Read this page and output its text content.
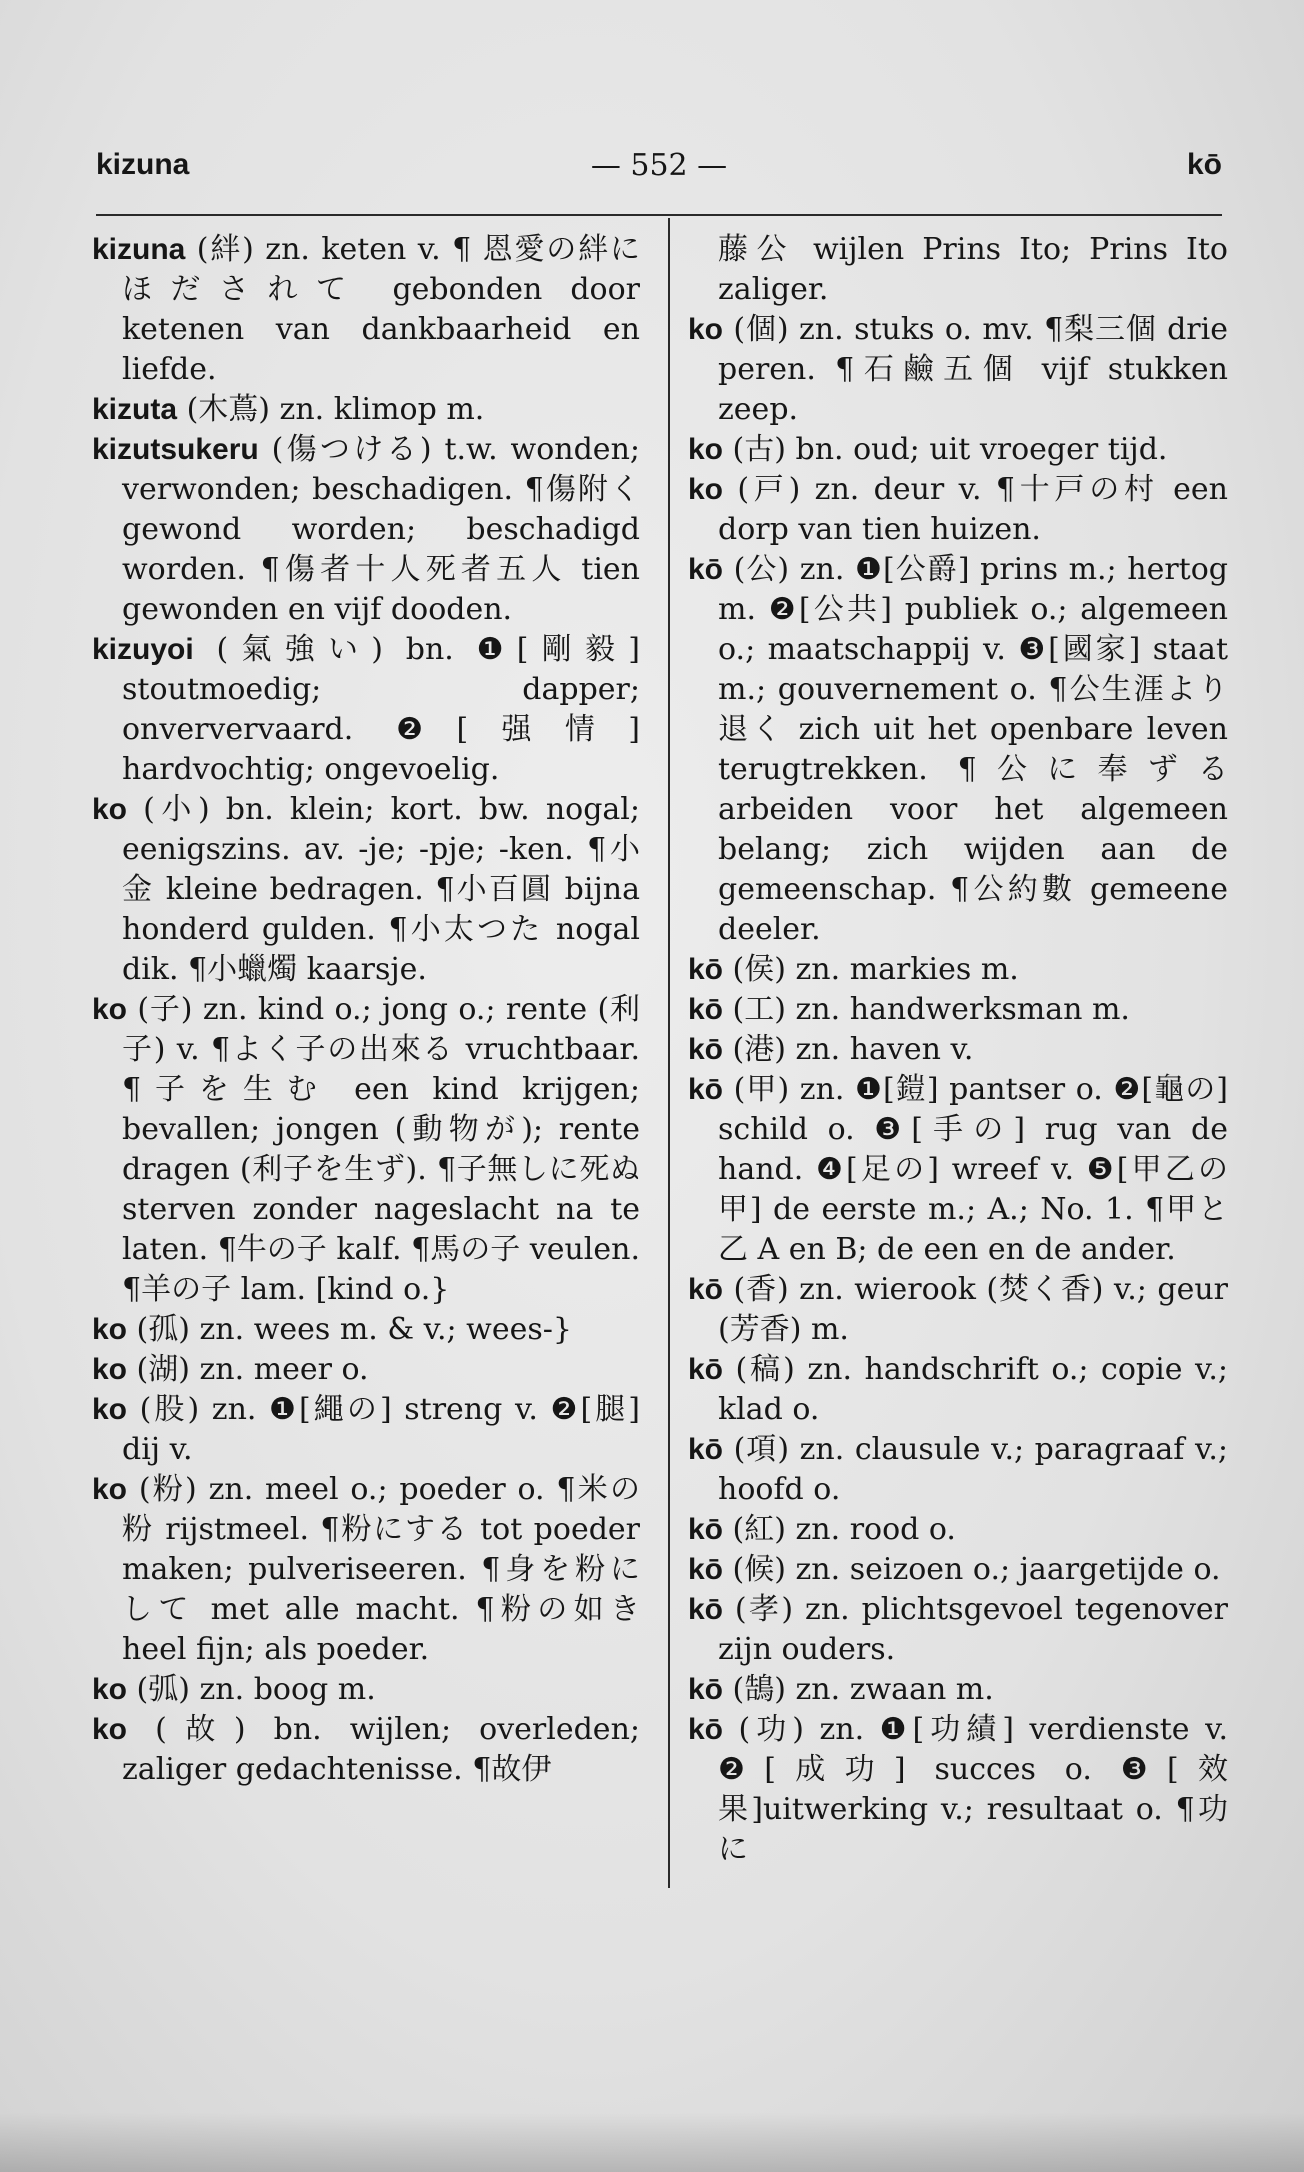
kizuna	— 552 —	kō

kizuna (絆) zn. keten v. ¶ 恩愛の絆にほだされて gebonden door ketenen van dankbaarheid en liefde.

kizuta (木蔦) zn. klimop m.

kizutsukeru (傷つける) t.w. wonden; verwonden; beschadigen. ¶傷附く gewond worden; beschadigd worden. ¶傷者十人死者五人 tien gewonden en vijf dooden.

kizuyoi (氣強い) bn. ❶[剛毅] stoutmoedig; dapper; onververvaard. ❷[强情] hardvochtig; ongevoelig.

ko (小) bn. klein; kort. bw. nogal; eenigszins. av. -je; -pje; -ken. ¶小金 kleine bedragen. ¶小百圓 bijna honderd gulden. ¶小太つた nogal dik. ¶小蠟燭 kaarsje.

ko (子) zn. kind o.; jong o.; rente (利子) v. ¶よく子の出來る vruchtbaar. ¶子を生む een kind krijgen; bevallen; jongen (動物が); rente dragen (利子を生ず). ¶子無しに死ぬ sterven zonder nageslacht na te laten. ¶牛の子 kalf. ¶馬の子 veulen. ¶羊の子 lam. [kind o.}

ko (孤) zn. wees m. & v.; wees-}

ko (湖) zn. meer o.

ko (股) zn. ❶[繩の] streng v. ❷[腿] dij v.

ko (粉) zn. meel o.; poeder o. ¶米の粉 rijstmeel. ¶粉にする tot poeder maken; pulveriseeren. ¶身を粉にして met alle macht. ¶粉の如き heel fijn; als poeder.

ko (弧) zn. boog m.

ko (故) bn. wijlen; overleden; zaliger gedachtenisse. ¶故伊

藤公 wijlen Prins Ito; Prins Ito zaliger.

ko (個) zn. stuks o. mv. ¶梨三個 drie peren. ¶石鹼五個 vijf stukken zeep.

ko (古) bn. oud; uit vroeger tijd.

ko (戸) zn. deur v. ¶十戸の村 een dorp van tien huizen.

kō (公) zn. ❶[公爵] prins m.; hertog m. ❷[公共] publiek o.; algemeen o.; maatschappij v. ❸[國家] staat m.; gouvernement o. ¶公生涯より退く zich uit het openbare leven terugtrekken. ¶公に奉ずる arbeiden voor het algemeen belang; zich wijden aan de gemeenschap. ¶公約數 gemeene deeler.

kō (侯) zn. markies m.

kō (工) zn. handwerksman m.

kō (港) zn. haven v.

kō (甲) zn. ❶[鎧] pantser o. ❷[龜の] schild o. ❸[手の] rug van de hand. ❹[足の] wreef v. ❺[甲乙の甲] de eerste m.; A.; No. 1. ¶甲と乙 A en B; de een en de ander.

kō (香) zn. wierook (焚く香) v.; geur (芳香) m.

kō (稿) zn. handschrift o.; copie v.; klad o.

kō (項) zn. clausule v.; paragraaf v.; hoofd o.

kō (紅) zn. rood o.

kō (候) zn. seizoen o.; jaargetijde o.

kō (孝) zn. plichtsgevoel tegenover zijn ouders.

kō (鵠) zn. zwaan m.

kō (功) zn. ❶[功績] verdienste v. ❷[成功] succes o. ❸[效果]uitwerking v.; resultaat o. ¶功に
